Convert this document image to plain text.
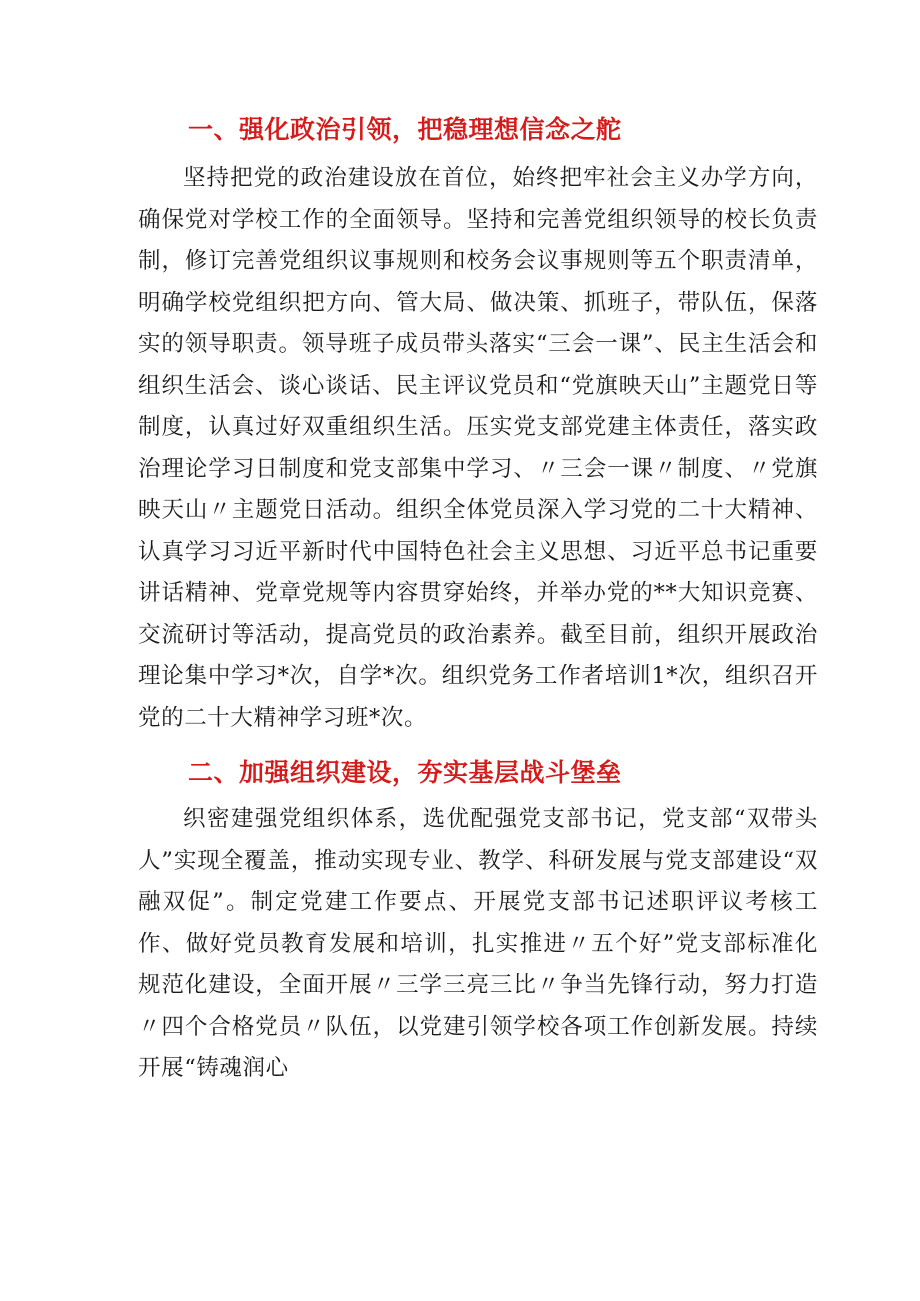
一、强化政治引领，把稳理想信念之舵

坚持把党的政治建设放在首位，始终把牢社会主义办学方向，确保党对学校工作的全面领导。坚持和完善党组织领导的校长负责制，修订完善党组织议事规则和校务会议事规则等五个职责清单，明确学校党组织把方向、管大局、做决策、抓班子，带队伍，保落实的领导职责。领导班子成员带头落实“三会一课”、民主生活会和组织生活会、谈心谈话、民主评议党员和“党旗映天山”主题党日等制度，认真过好双重组织生活。压实党支部党建主体责任，落实政治理论学习日制度和党支部集中学习、〃三会一课〃制度、〃党旗映天山〃主题党日活动。组织全体党员深入学习党的二十大精神、认真学习习近平新时代中国特色社会主义思想、习近平总书记重要讲话精神、党章党规等内容贯穿始终，并举办党的**大知识竞赛、交流研讨等活动，提高党员的政治素养。截至目前，组织开展政治理论集中学习*次，自学*次。组织党务工作者培训1*次，组织召开党的二十大精神学习班*次。

二、加强组织建设，夯实基层战斗堡垒

织密建强党组织体系，选优配强党支部书记，党支部“双带头人”实现全覆盖，推动实现专业、教学、科研发展与党支部建设“双融双促”。制定党建工作要点、开展党支部书记述职评议考核工作、做好党员教育发展和培训，扎实推进〃五个好”党支部标准化规范化建设，全面开展〃三学三亮三比〃争当先锋行动，努力打造〃四个合格党员〃队伍，以党建引领学校各项工作创新发展。持续开展“铸魂润心
